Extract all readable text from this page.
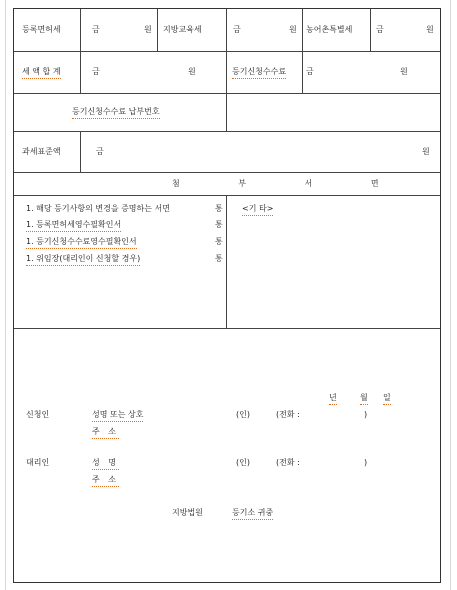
등록면허세	금	원 지방교육세	금	원 농어촌특별세	금	원
세 액 합 계	금	원	등기신청수수료 금	원
등기신청수수료 납부번호
과세표준액	금	원
첨 부 서 면
1. 해당 등기사항의 변경을 증명하는 서면	통
1. 등록면허세영수필확인서	통
1. 등기신청수수료영수필확인서	통
1. 위임장(대리인이 신청할 경우)	통
<기 타>
년	월 일
신청인	성명 또는 상호	(인)	(전화 :	)
주 소
대리인	성 명	(인)	(전화 :	)
주 소
지방법원	등기소 귀중
